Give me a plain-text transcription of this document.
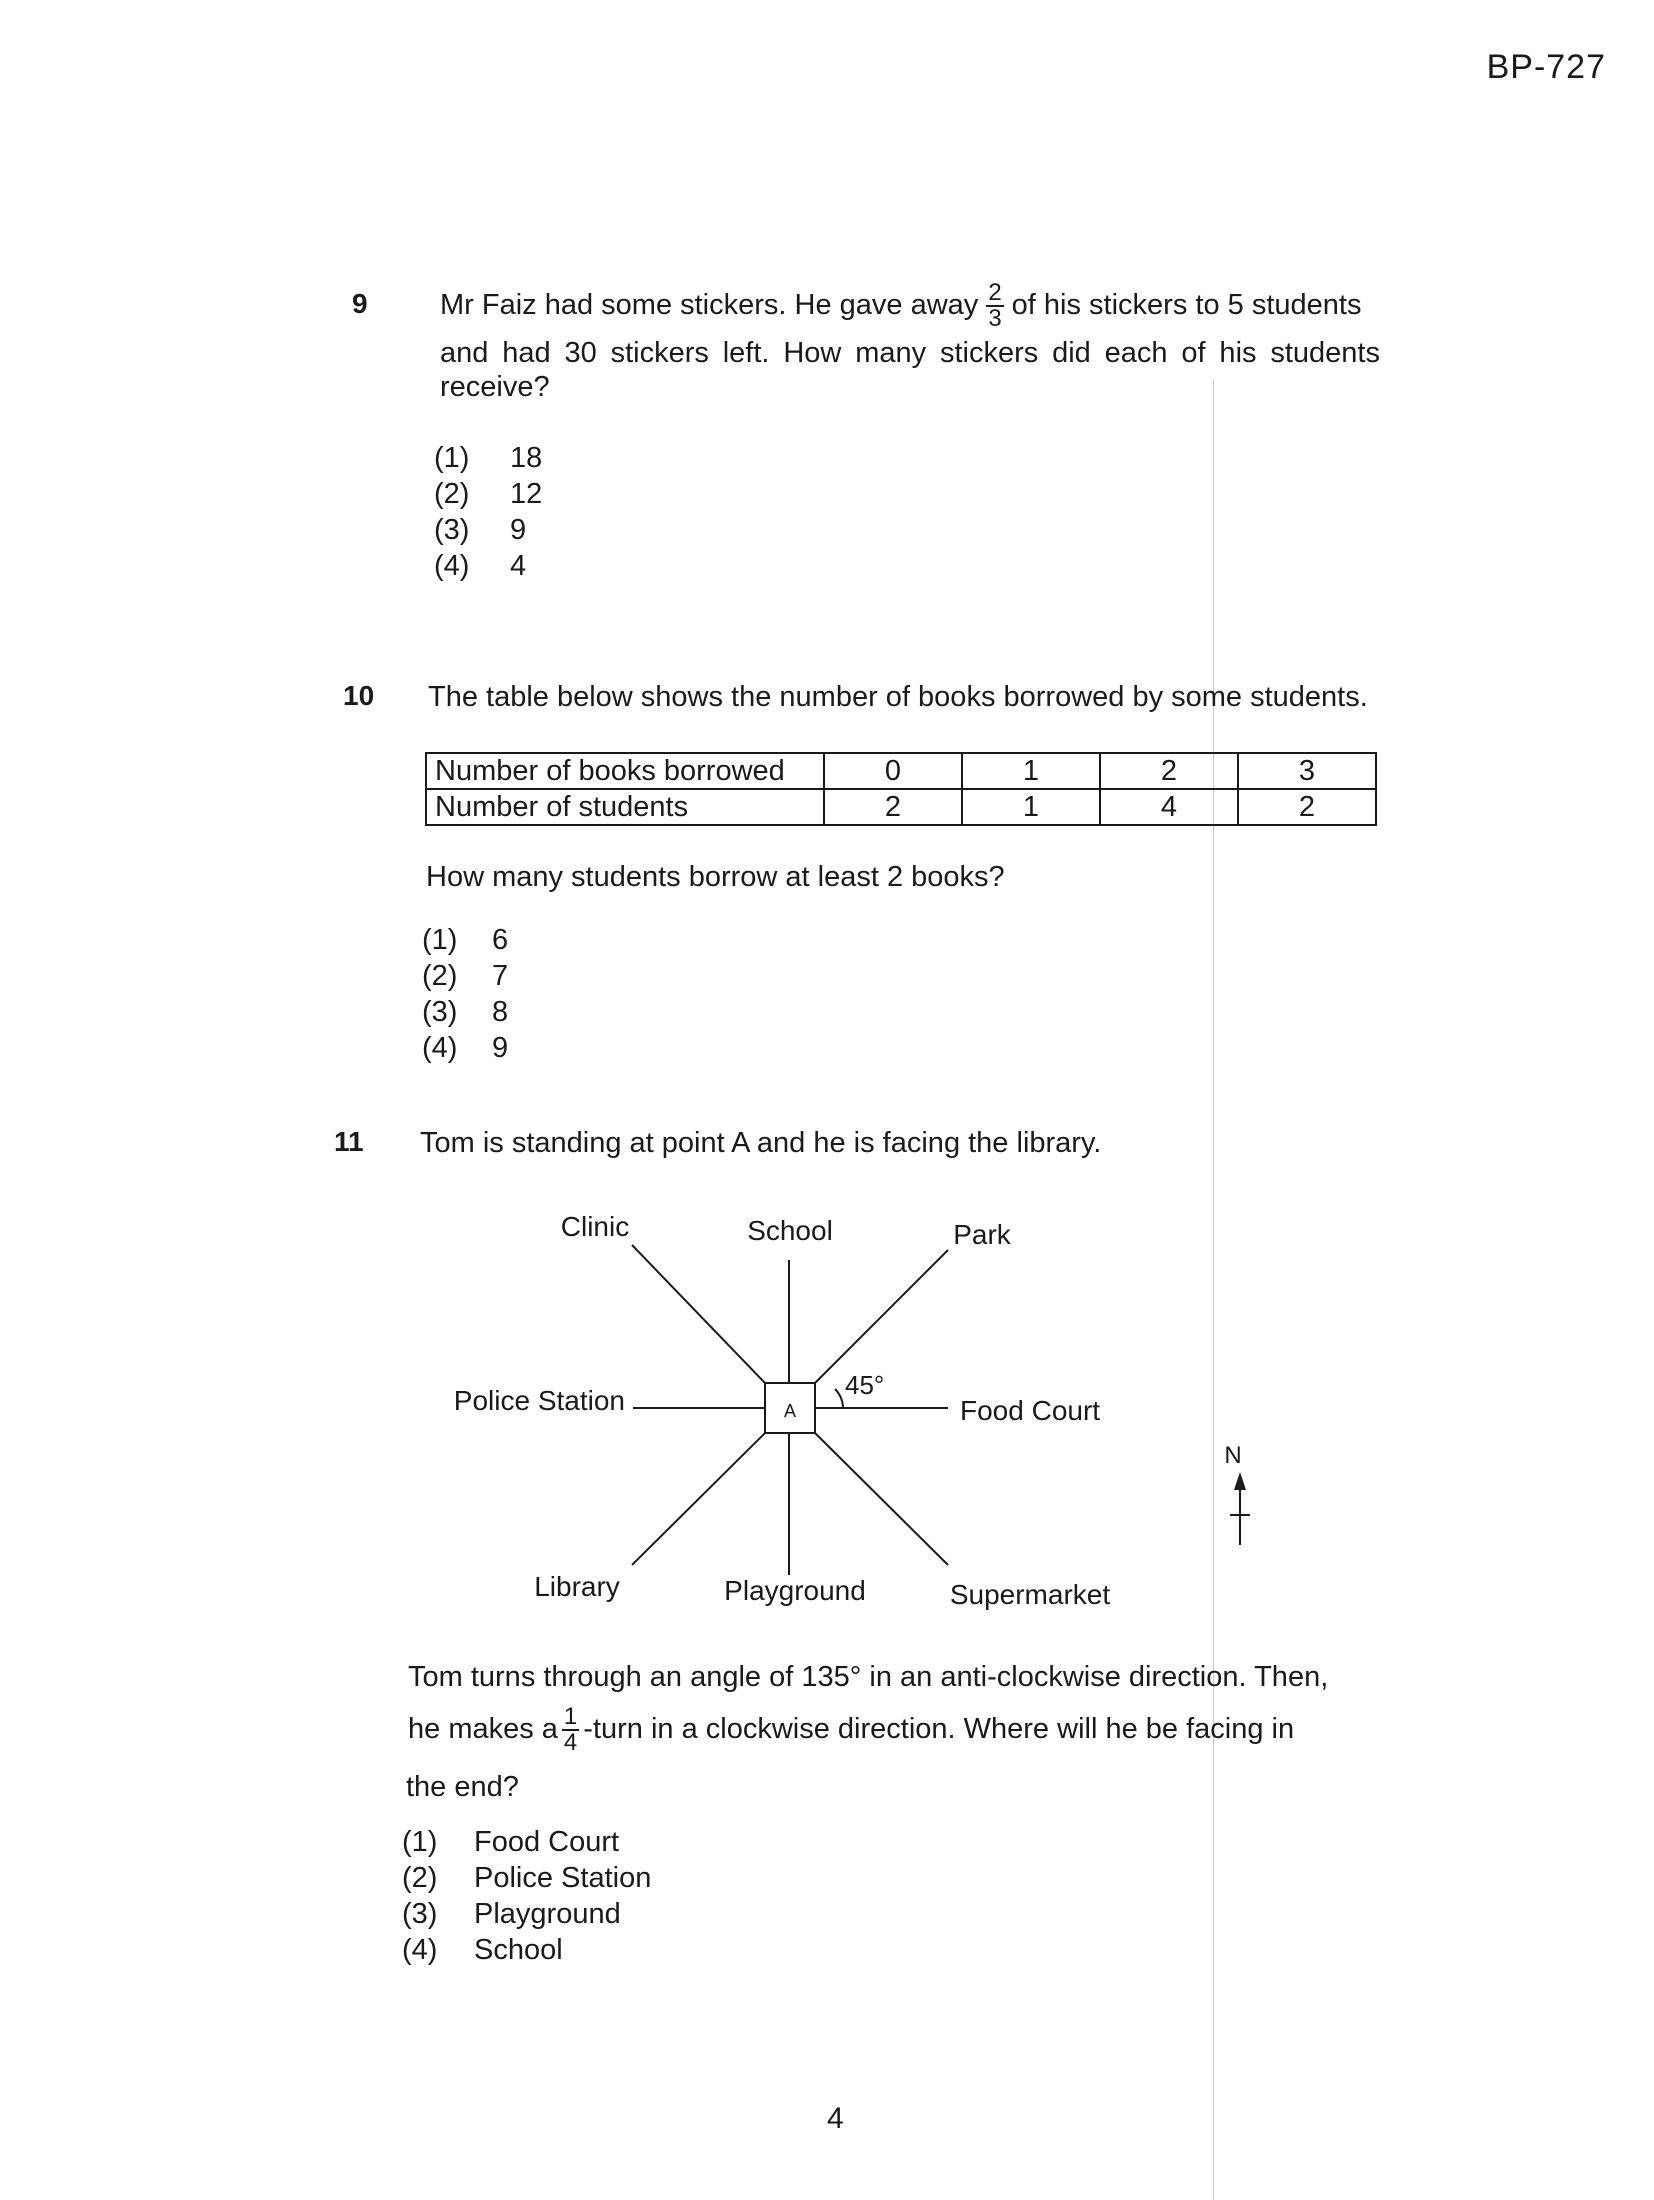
BP-727
9 Mr Faiz had some stickers. He gave away $\frac{2}{3}$ of his stickers to 5 students
and had 30 stickers left. How many stickers did each of his students receive?
(1) 18
(2) 12
(3) 9
(4) 4
10 The table below shows the number of books borrowed by some students.
Number of books borrowed	0	1	2	3
Number of students	2	1	4	2
How many students borrow at least 2 books?
(1) 6
(2) 7
(3) 8
(4) 9
11 Tom is standing at point A and he is facing the library.
A
45°
N
Clinic	School	Park
Police Station	Food Court
Library	Playground	Supermarket
Tom turns through an angle of 135° in an anti-clockwise direction. Then,
he makes a $\frac{1}{4}$ -turn in a clockwise direction. Where will he be facing in
the end?
(1) Food Court
(2) Police Station
(3) Playground
(4) School
4
